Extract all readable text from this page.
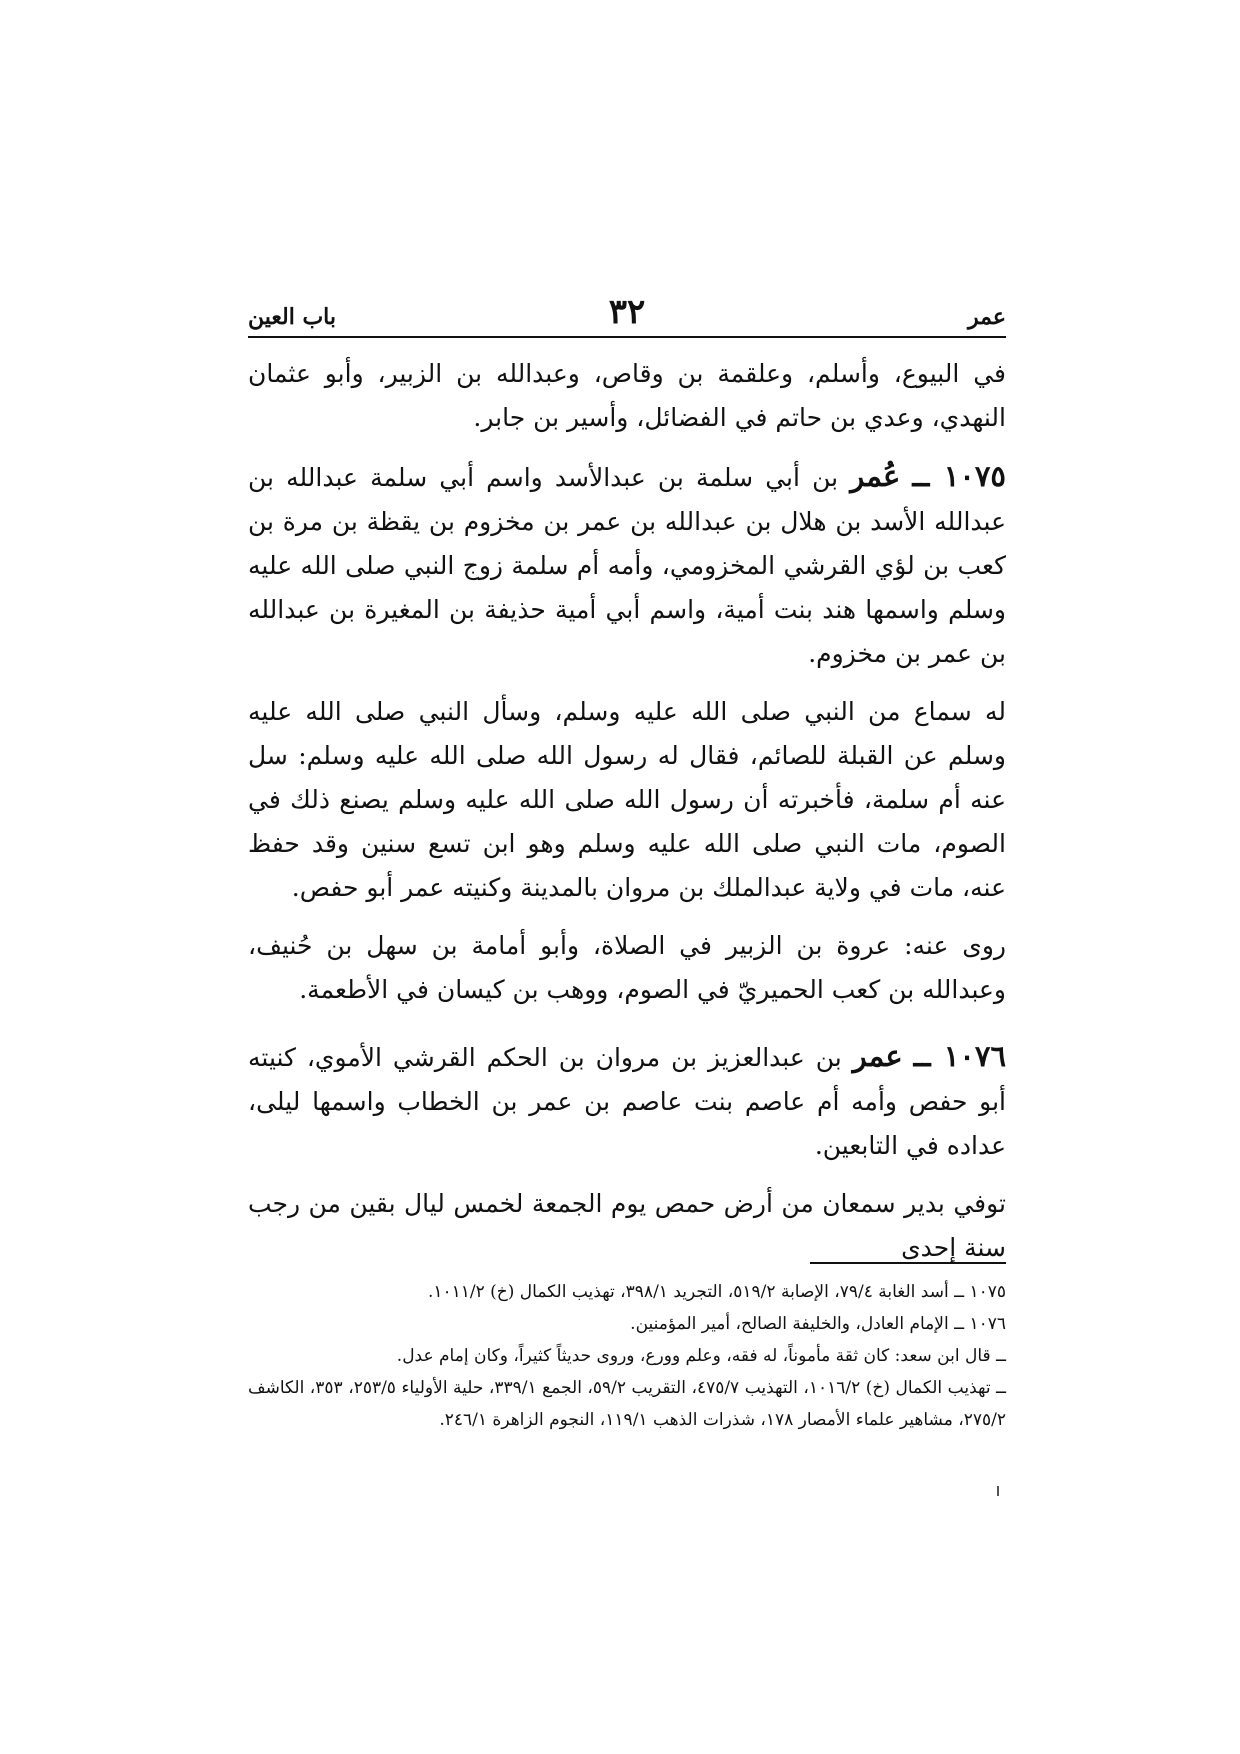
عمر
٣٢
باب العين

في البيوع، وأسلم، وعلقمة بن وقاص، وعبدالله بن الزبير، وأبو عثمان النهدي، وعدي بن حاتم في الفضائل، وأسير بن جابر.

١٠٧٥ ــ عُمر بن أبي سلمة بن عبدالأسد واسم أبي سلمة عبدالله بن عبدالله الأسد بن هلال بن عبدالله بن عمر بن مخزوم بن يقظة بن مرة بن كعب بن لؤي القرشي المخزومي، وأمه أم سلمة زوج النبي صلى الله عليه وسلم واسمها هند بنت أمية، واسم أبي أمية حذيفة بن المغيرة بن عبدالله بن عمر بن مخزوم.

له سماع من النبي صلى الله عليه وسلم، وسأل النبي صلى الله عليه وسلم عن القبلة للصائم، فقال له رسول الله صلى الله عليه وسلم: سل عنه أم سلمة، فأخبرته أن رسول الله صلى الله عليه وسلم يصنع ذلك في الصوم، مات النبي صلى الله عليه وسلم وهو ابن تسع سنين وقد حفظ عنه، مات في ولاية عبدالملك بن مروان بالمدينة وكنيته عمر أبو حفص.

روى عنه: عروة بن الزبير في الصلاة، وأبو أمامة بن سهل بن حُنيف، وعبدالله بن كعب الحميريّ في الصوم، ووهب بن كيسان في الأطعمة.

١٠٧٦ ــ عمر بن عبدالعزيز بن مروان بن الحكم القرشي الأموي، كنيته أبو حفص وأمه أم عاصم بنت عاصم بن عمر بن الخطاب واسمها ليلى، عداده في التابعين.

توفي بدير سمعان من أرض حمص يوم الجمعة لخمس ليال بقين من رجب سنة إحدى

١٠٧٥ ــ أسد الغابة ٧٩/٤، الإصابة ٥١٩/٢، التجريد ٣٩٨/١، تهذيب الكمال (خ) ١٠١١/٢.

١٠٧٦ ــ الإمام العادل، والخليفة الصالح، أمير المؤمنين.

ــ قال ابن سعد: كان ثقة مأموناً، له فقه، وعلم وورع، وروى حديثاً كثيراً، وكان إمام عدل.

ــ تهذيب الكمال (خ) ١٠١٦/٢، التهذيب ٤٧٥/٧، التقريب ٥٩/٢، الجمع ٣٣٩/١، حلية الأولياء ٢٥٣/٥، ٣٥٣، الكاشف ٢٧٥/٢، مشاهير علماء الأمصار ١٧٨، شذرات الذهب ١١٩/١، النجوم الزاهرة ٢٤٦/١.
